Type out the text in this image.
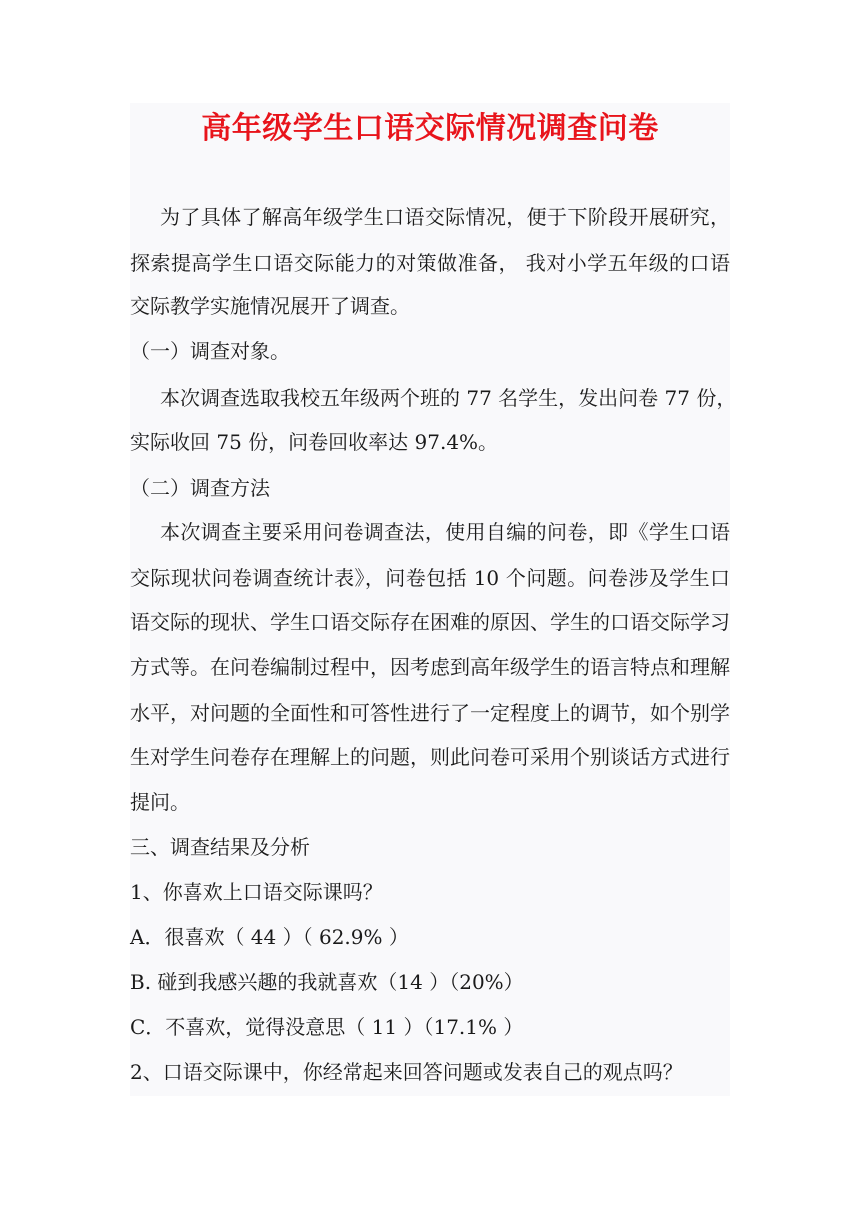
高年级学生口语交际情况调查问卷
为了具体了解高年级学生口语交际情况，便于下阶段开展研究，
探索提高学生口语交际能力的对策做准备， 我对小学五年级的口语
交际教学实施情况展开了调查。
（一）调查对象。
本次调查选取我校五年级两个班的 77 名学生，发出问卷 77 份，
实际收回 75 份，问卷回收率达 97.4%。
（二）调查方法
本次调查主要采用问卷调查法，使用自编的问卷，即《学生口语
交际现状问卷调查统计表》，问卷包括 10 个问题。问卷涉及学生口
语交际的现状、学生口语交际存在困难的原因、学生的口语交际学习
方式等。在问卷编制过程中，因考虑到高年级学生的语言特点和理解
水平，对问题的全面性和可答性进行了一定程度上的调节，如个别学
生对学生问卷存在理解上的问题，则此问卷可采用个别谈话方式进行
提问。
三、调查结果及分析
1、你喜欢上口语交际课吗？
A．很喜欢（ 44 ）（ 62.9% ）
B. 碰到我感兴趣的我就喜欢（14 ）（20%）
C．不喜欢，觉得没意思（ 11 ）（17.1% ）
2、口语交际课中，你经常起来回答问题或发表自己的观点吗？
